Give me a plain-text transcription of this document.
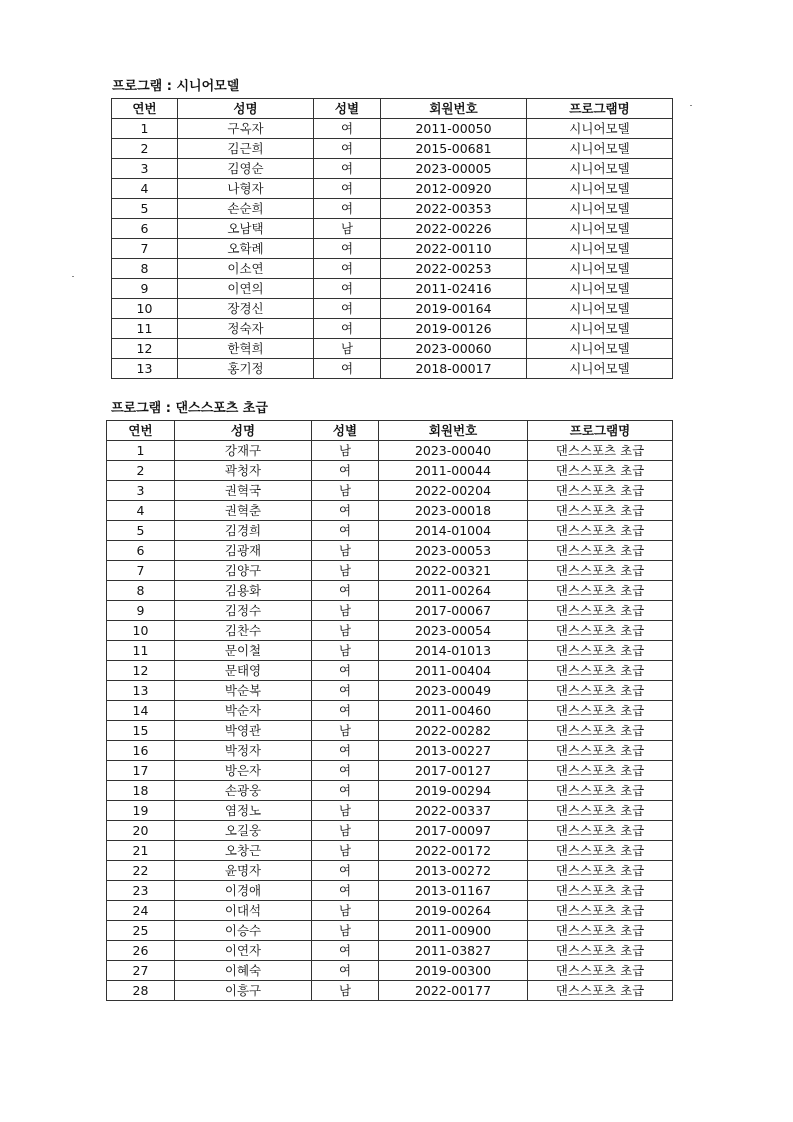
프로그램 : 시니어모델
연번	성명	성별	회원번호	프로그램명
1	구옥자	여	2011-00050	시니어모델
2	김근희	여	2015-00681	시니어모델
3	김영순	여	2023-00005	시니어모델
4	나형자	여	2012-00920	시니어모델
5	손순희	여	2022-00353	시니어모델
6	오남택	남	2022-00226	시니어모델
7	오학례	여	2022-00110	시니어모델
8	이소연	여	2022-00253	시니어모델
9	이연의	여	2011-02416	시니어모델
10	장경신	여	2019-00164	시니어모델
11	정숙자	여	2019-00126	시니어모델
12	한혁희	남	2023-00060	시니어모델
13	홍기정	여	2018-00017	시니어모델
프로그램 : 댄스스포츠 초급
연번	성명	성별	회원번호	프로그램명
1	강재구	남	2023-00040	댄스스포츠 초급
2	곽청자	여	2011-00044	댄스스포츠 초급
3	권혁국	남	2022-00204	댄스스포츠 초급
4	권혁춘	여	2023-00018	댄스스포츠 초급
5	김경희	여	2014-01004	댄스스포츠 초급
6	김광재	남	2023-00053	댄스스포츠 초급
7	김양구	남	2022-00321	댄스스포츠 초급
8	김용화	여	2011-00264	댄스스포츠 초급
9	김정수	남	2017-00067	댄스스포츠 초급
10	김찬수	남	2023-00054	댄스스포츠 초급
11	문이철	남	2014-01013	댄스스포츠 초급
12	문태영	여	2011-00404	댄스스포츠 초급
13	박순복	여	2023-00049	댄스스포츠 초급
14	박순자	여	2011-00460	댄스스포츠 초급
15	박영관	남	2022-00282	댄스스포츠 초급
16	박정자	여	2013-00227	댄스스포츠 초급
17	방은자	여	2017-00127	댄스스포츠 초급
18	손광웅	여	2019-00294	댄스스포츠 초급
19	염정노	남	2022-00337	댄스스포츠 초급
20	오길웅	남	2017-00097	댄스스포츠 초급
21	오창근	남	2022-00172	댄스스포츠 초급
22	윤명자	여	2013-00272	댄스스포츠 초급
23	이경애	여	2013-01167	댄스스포츠 초급
24	이대석	남	2019-00264	댄스스포츠 초급
25	이승수	남	2011-00900	댄스스포츠 초급
26	이연자	여	2011-03827	댄스스포츠 초급
27	이혜숙	여	2019-00300	댄스스포츠 초급
28	이흥구	남	2022-00177	댄스스포츠 초급
